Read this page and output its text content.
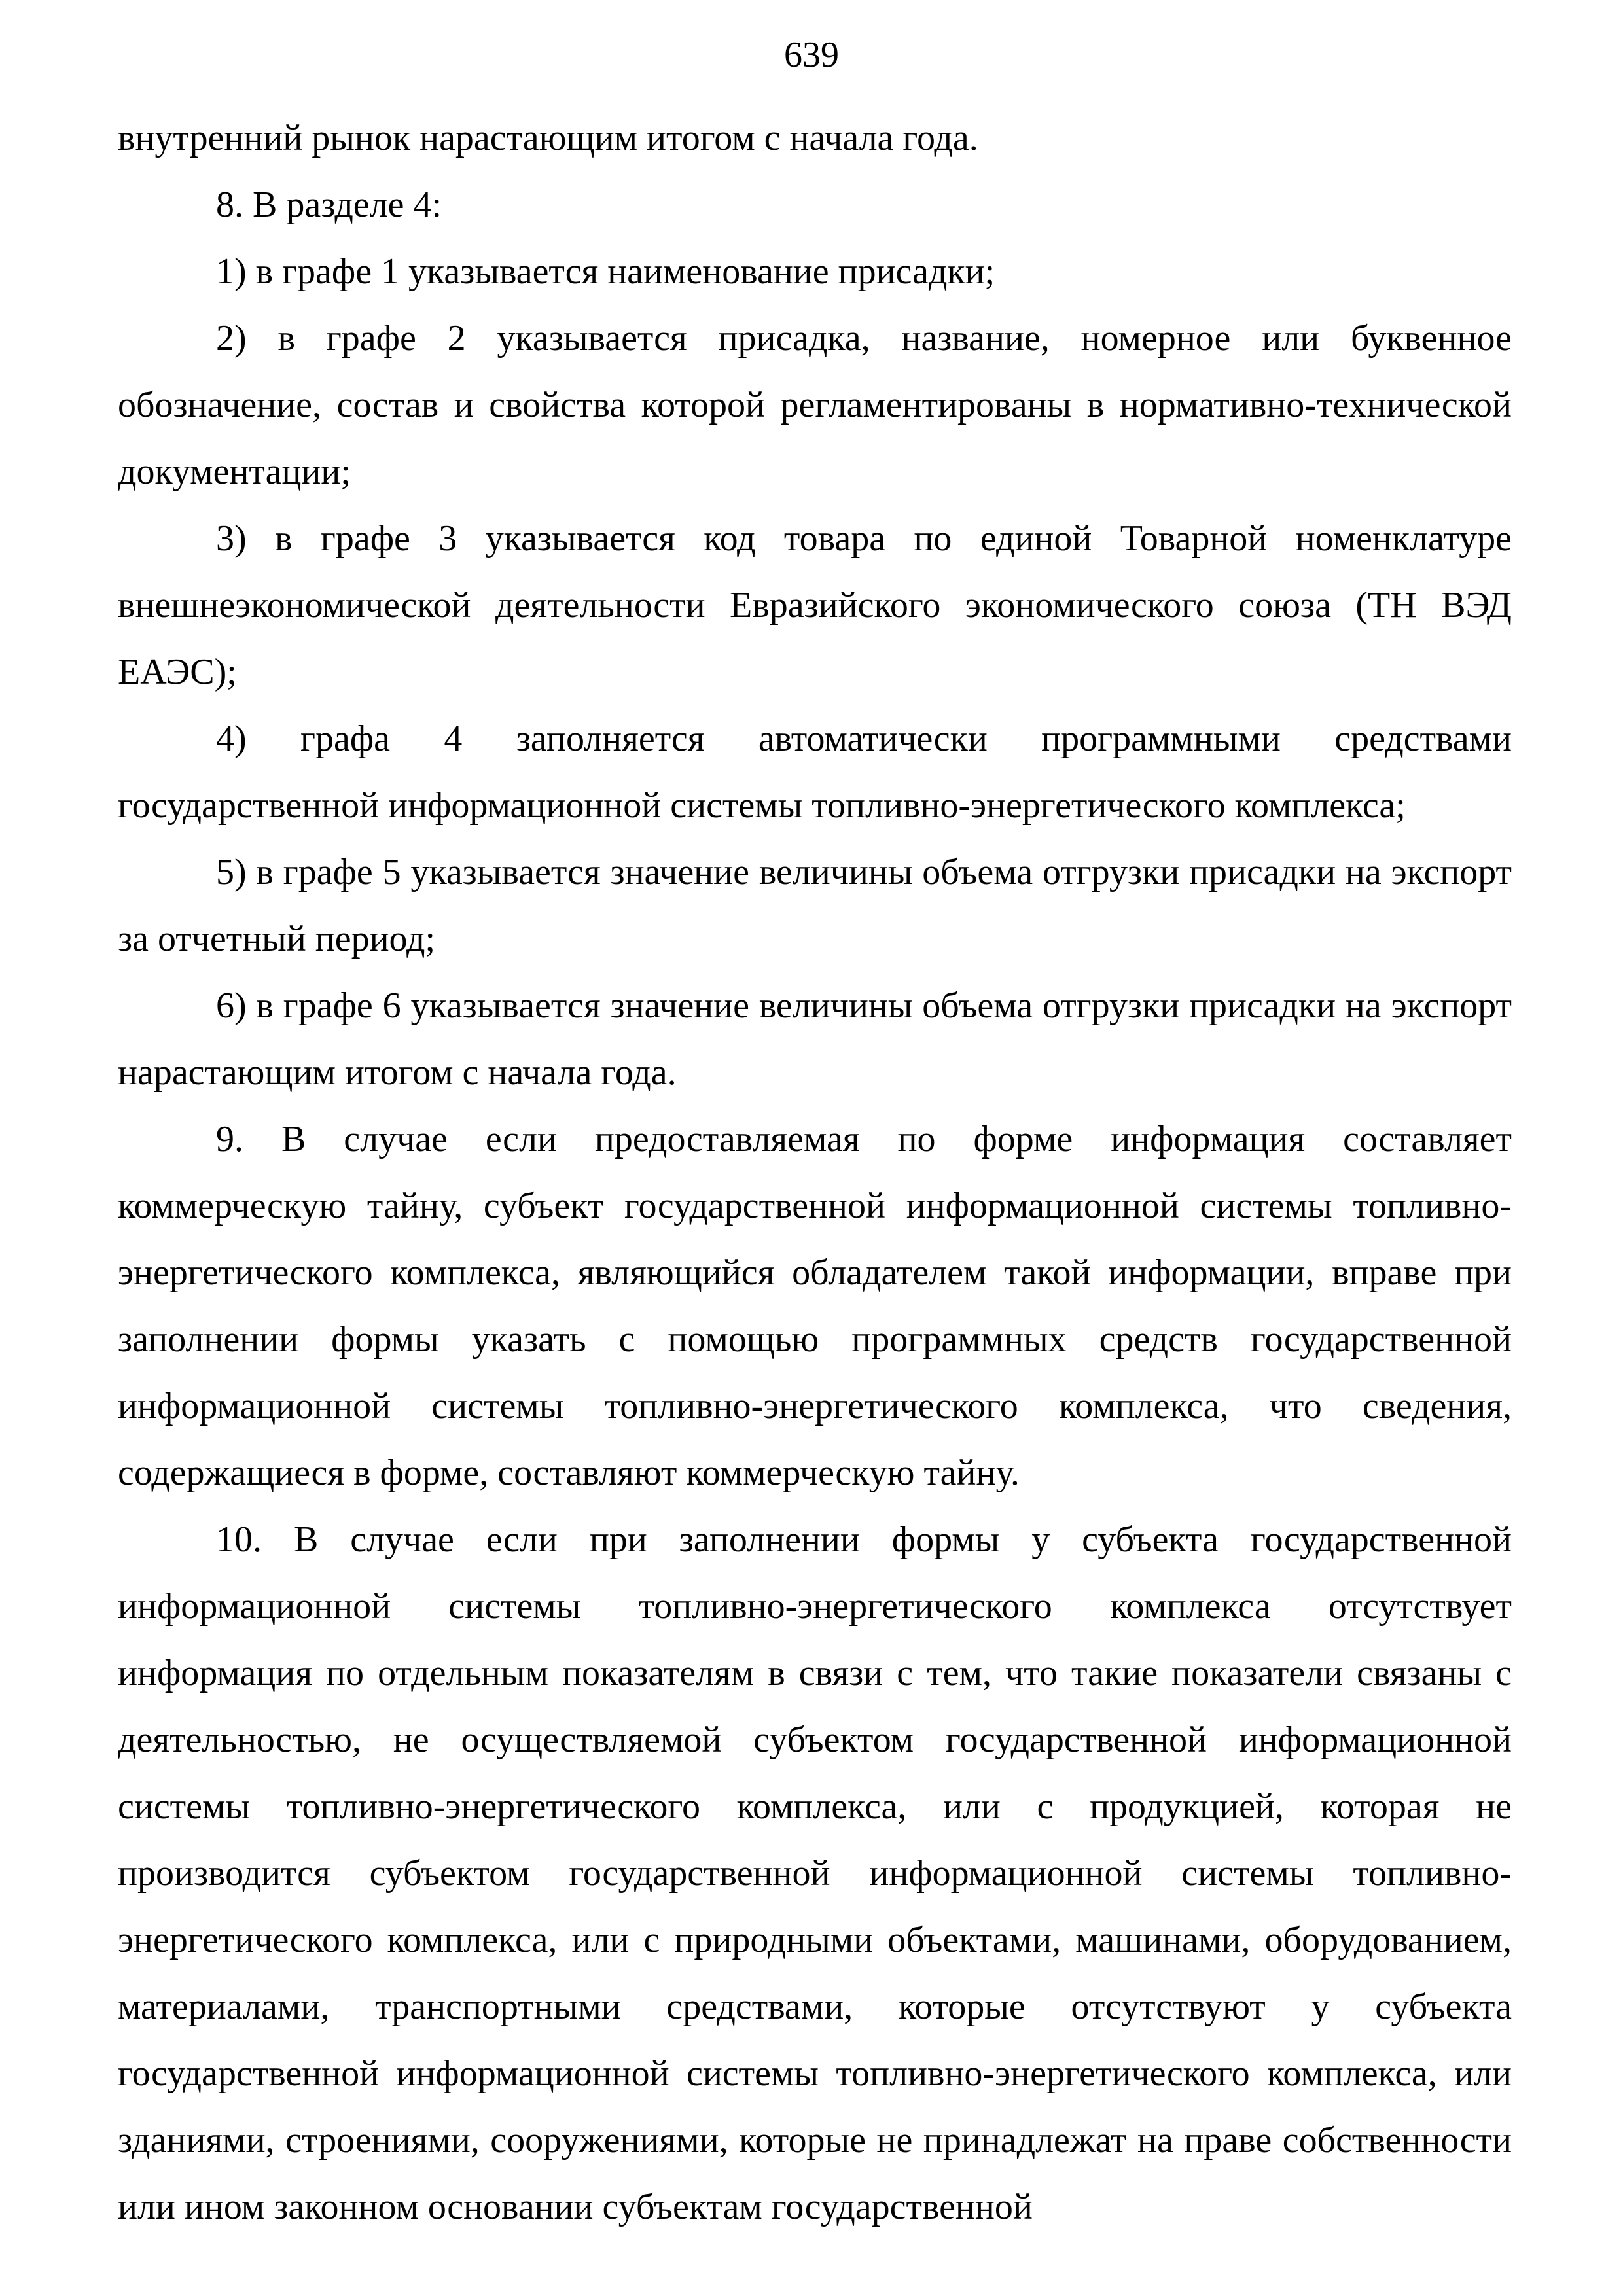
639

внутренний рынок нарастающим итогом с начала года.

8. В разделе 4:

1) в графе 1 указывается наименование присадки;

2) в графе 2 указывается присадка, название, номерное или буквенное обозначение, состав и свойства которой регламентированы в нормативно-технической документации;

3) в графе 3 указывается код товара по единой Товарной номенклатуре внешнеэкономической деятельности Евразийского экономического союза (ТН ВЭД ЕАЭС);

4) графа 4 заполняется автоматически программными средствами государственной информационной системы топливно-энергетического комплекса;

5) в графе 5 указывается значение величины объема отгрузки присадки на экспорт за отчетный период;

6) в графе 6 указывается значение величины объема отгрузки присадки на экспорт нарастающим итогом с начала года.

9. В случае если предоставляемая по форме информация составляет коммерческую тайну, субъект государственной информационной системы топливно-энергетического комплекса, являющийся обладателем такой информации, вправе при заполнении формы указать с помощью программных средств государственной информационной системы топливно-энергетического комплекса, что сведения, содержащиеся в форме, составляют коммерческую тайну.

10. В случае если при заполнении формы у субъекта государственной информационной системы топливно-энергетического комплекса отсутствует информация по отдельным показателям в связи с тем, что такие показатели связаны с деятельностью, не осуществляемой субъектом государственной информационной системы топливно-энергетического комплекса, или с продукцией, которая не производится субъектом государственной информационной системы топливно-энергетического комплекса, или с природными объектами, машинами, оборудованием, материалами, транспортными средствами, которые отсутствуют у субъекта государственной информационной системы топливно-энергетического комплекса, или зданиями, строениями, сооружениями, которые не принадлежат на праве собственности или ином законном основании субъектам государственной
